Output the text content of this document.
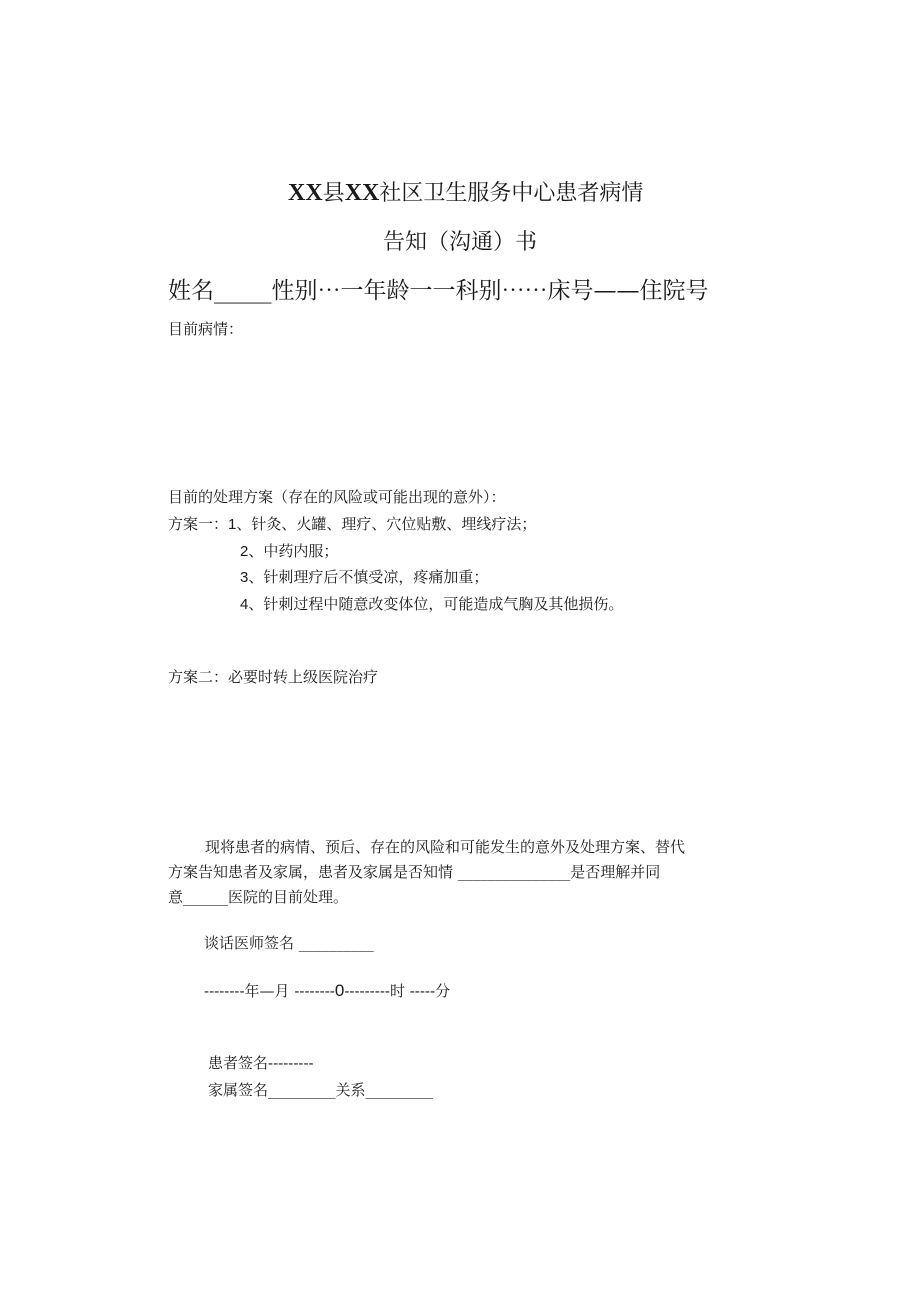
XX县XX社区卫生服务中心患者病情
告知（沟通）书
姓名_____性别⋯一年龄一一科别⋯⋯床号——住院号
目前病情：
目前的处理方案（存在的风险或可能出现的意外）：
方案一：1、针灸、火罐、理疗、穴位贴敷、埋线疗法；
2、中药内服；
3、针刺理疗后不慎受凉，疼痛加重；
4、针刺过程中随意改变体位，可能造成气胸及其他损伤。
方案二：必要时转上级医院治疗
现将患者的病情、预后、存在的风险和可能发生的意外及处理方案、替代
方案告知患者及家属，患者及家属是否知情 _______________是否理解并同
意______医院的目前处理。
谈话医师签名 __________
--------年—月 --------0---------时 -----分
患者签名---------
家属签名_________关系_________
